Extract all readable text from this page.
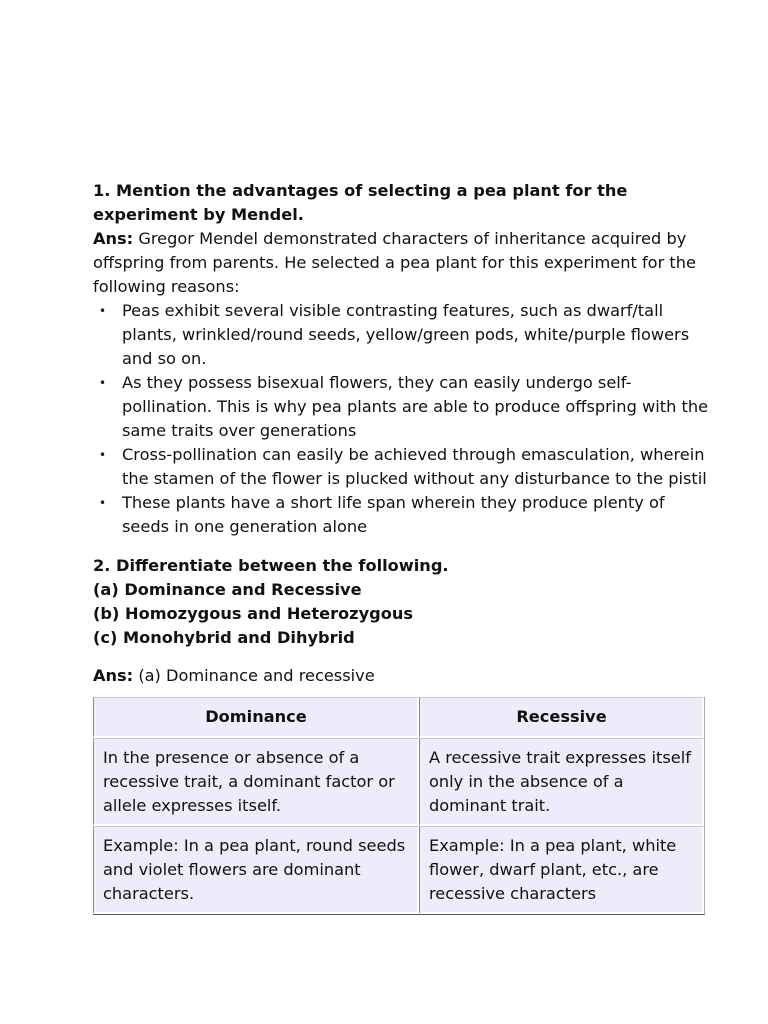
1. Mention the advantages of selecting a pea plant for the experiment by Mendel.
Ans: Gregor Mendel demonstrated characters of inheritance acquired by offspring from parents. He selected a pea plant for this experiment for the following reasons:
• Peas exhibit several visible contrasting features, such as dwarf/tall plants, wrinkled/round seeds, yellow/green pods, white/purple flowers and so on.
• As they possess bisexual flowers, they can easily undergo self-pollination. This is why pea plants are able to produce offspring with the same traits over generations
• Cross-pollination can easily be achieved through emasculation, wherein the stamen of the flower is plucked without any disturbance to the pistil
• These plants have a short life span wherein they produce plenty of seeds in one generation alone
2. Differentiate between the following.
(a) Dominance and Recessive
(b) Homozygous and Heterozygous
(c) Monohybrid and Dihybrid
Ans: (a) Dominance and recessive
Dominance	Recessive
In the presence or absence of a recessive trait, a dominant factor or allele expresses itself.	A recessive trait expresses itself only in the absence of a dominant trait.
Example: In a pea plant, round seeds and violet flowers are dominant characters.	Example: In a pea plant, white flower, dwarf plant, etc., are recessive characters
